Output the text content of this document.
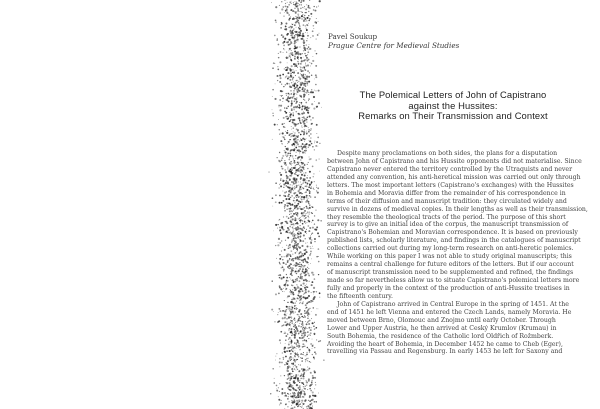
Pavel Soukup
Prague Centre for Medieval Studies
The Polemical Letters of John of Capistrano
against the Hussites:
Remarks on Their Transmission and Context
Despite many proclamations on both sides, the plans for a disputation
between John of Capistrano and his Hussite opponents did not materialise. Since
Capistrano never entered the territory controlled by the Utraquists and never
attended any convention, his anti-heretical mission was carried out only through
letters. The most important letters (Capistrano's exchanges) with the Hussites
in Bohemia and Moravia differ from the remainder of his correspondence in
terms of their diffusion and manuscript tradition: they circulated widely and
survive in dozens of medieval copies. In their lengths as well as their transmission,
they resemble the theological tracts of the period. The purpose of this short
survey is to give an initial idea of the corpus, the manuscript transmission of
Capistrano's Bohemian and Moravian correspondence. It is based on previously
published lists, scholarly literature, and findings in the catalogues of manuscript
collections carried out during my long-term research on anti-heretic polemics.
While working on this paper I was not able to study original manuscripts; this
remains a central challenge for future editors of the letters. But if our account
of manuscript transmission need to be supplemented and refined, the findings
made so far nevertheless allow us to situate Capistrano's polemical letters more
fully and properly in the context of the production of anti-Hussite treatises in
the fifteenth century.
John of Capistrano arrived in Central Europe in the spring of 1451. At the
end of 1451 he left Vienna and entered the Czech Lands, namely Moravia. He
moved between Brno, Olomouc and Znojmo until early October. Through
Lower and Upper Austria, he then arrived at Český Krumlov (Krumau) in
South Bohemia, the residence of the Catholic lord Oldřich of Rožmberk.
Avoiding the heart of Bohemia, in December 1452 he came to Cheb (Eger),
travelling via Passau and Regensburg. In early 1453 he left for Saxony and
